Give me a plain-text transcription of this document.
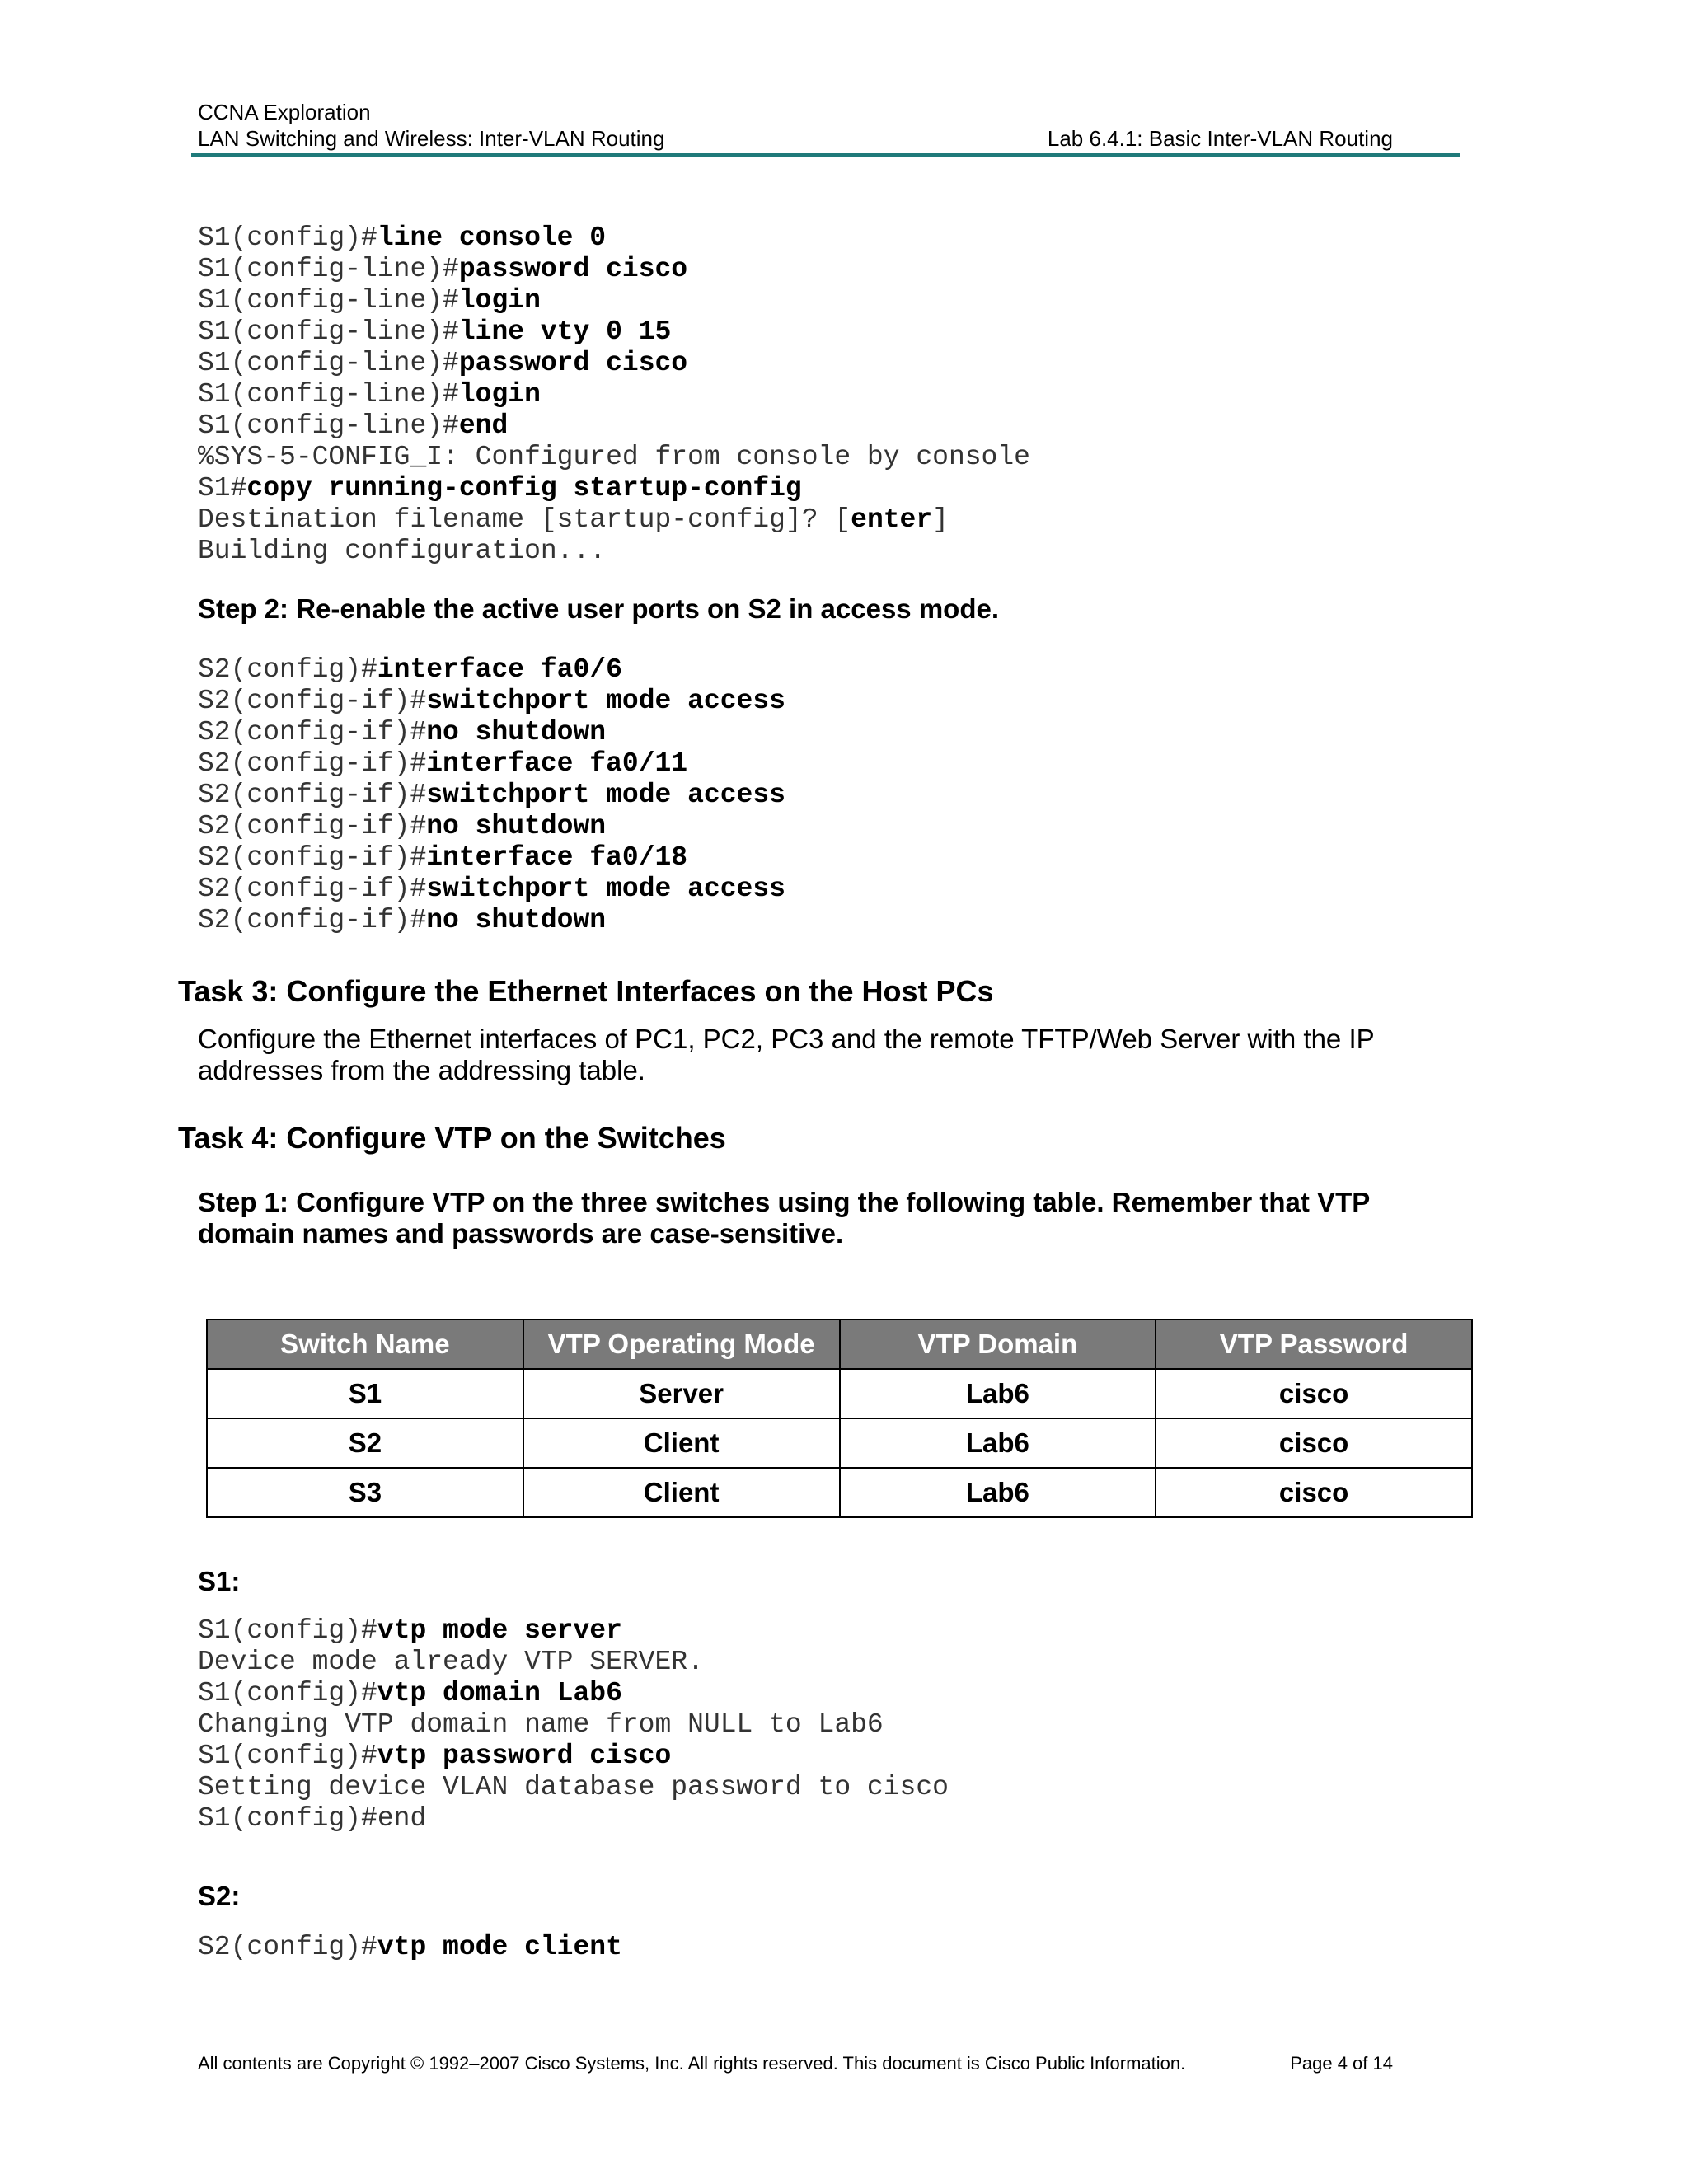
CCNA Exploration
LAN Switching and Wireless: Inter-VLAN Routing	Lab 6.4.1: Basic Inter-VLAN Routing
S1(config)#line console 0
S1(config-line)#password cisco
S1(config-line)#login
S1(config-line)#line vty 0 15
S1(config-line)#password cisco
S1(config-line)#login
S1(config-line)#end
%SYS-5-CONFIG_I: Configured from console by console
S1#copy running-config startup-config
Destination filename [startup-config]? [enter]
Building configuration...
Step 2: Re-enable the active user ports on S2 in access mode.
S2(config)#interface fa0/6
S2(config-if)#switchport mode access
S2(config-if)#no shutdown
S2(config-if)#interface fa0/11
S2(config-if)#switchport mode access
S2(config-if)#no shutdown
S2(config-if)#interface fa0/18
S2(config-if)#switchport mode access
S2(config-if)#no shutdown
Task 3: Configure the Ethernet Interfaces on the Host PCs
Configure the Ethernet interfaces of PC1, PC2, PC3 and the remote TFTP/Web Server with the IP addresses from the addressing table.
Task 4: Configure VTP on the Switches
Step 1: Configure VTP on the three switches using the following table. Remember that VTP domain names and passwords are case-sensitive.
Switch Name	VTP Operating Mode	VTP Domain	VTP Password
S1	Server	Lab6	cisco
S2	Client	Lab6	cisco
S3	Client	Lab6	cisco
S1:
S1(config)#vtp mode server
Device mode already VTP SERVER.
S1(config)#vtp domain Lab6
Changing VTP domain name from NULL to Lab6
S1(config)#vtp password cisco
Setting device VLAN database password to cisco
S1(config)#end
S2:
S2(config)#vtp mode client
All contents are Copyright © 1992–2007 Cisco Systems, Inc. All rights reserved. This document is Cisco Public Information.	Page 4 of 14
